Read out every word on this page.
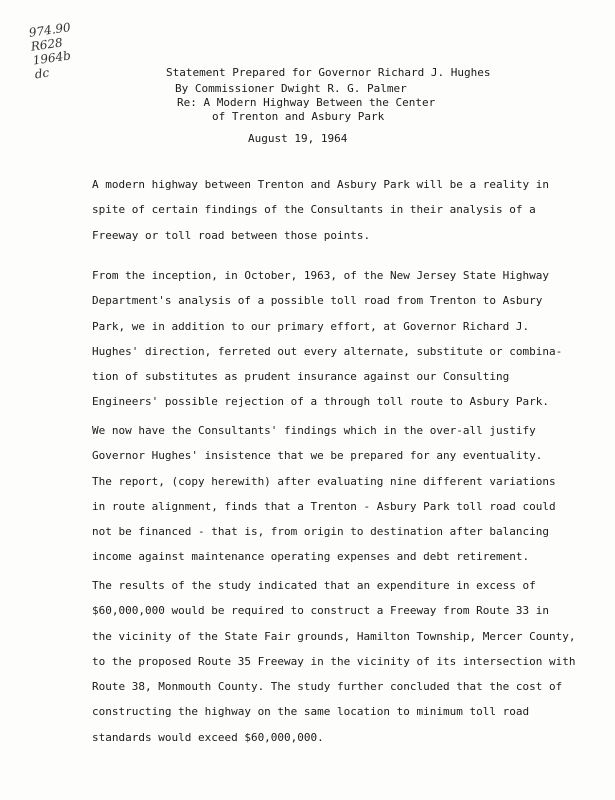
974.90
R628
1964b
dc	Statement Prepared for Governor Richard J. Hughes
By Commissioner Dwight R. G. Palmer
Re: A Modern Highway Between the Center
of Trenton and Asbury Park
August 19, 1964
A modern highway between Trenton and Asbury Park will be a reality in
spite of certain findings of the Consultants in their analysis of a
Freeway or toll road between those points.
From the inception, in October, 1963, of the New Jersey State Highway
Department's analysis of a possible toll road from Trenton to Asbury
Park, we in addition to our primary effort, at Governor Richard J.
Hughes' direction, ferreted out every alternate, substitute or combina-
tion of substitutes as prudent insurance against our Consulting
Engineers' possible rejection of a through toll route to Asbury Park.
We now have the Consultants' findings which in the over-all justify
Governor Hughes' insistence that we be prepared for any eventuality.
The report, (copy herewith) after evaluating nine different variations
in route alignment, finds that a Trenton - Asbury Park toll road could
not be financed - that is, from origin to destination after balancing
income against maintenance operating expenses and debt retirement.
The results of the study indicated that an expenditure in excess of
$60,000,000 would be required to construct a Freeway from Route 33 in
the vicinity of the State Fair grounds, Hamilton Township, Mercer County,
to the proposed Route 35 Freeway in the vicinity of its intersection with
Route 38, Monmouth County. The study further concluded that the cost of
constructing the highway on the same location to minimum toll road
standards would exceed $60,000,000.
